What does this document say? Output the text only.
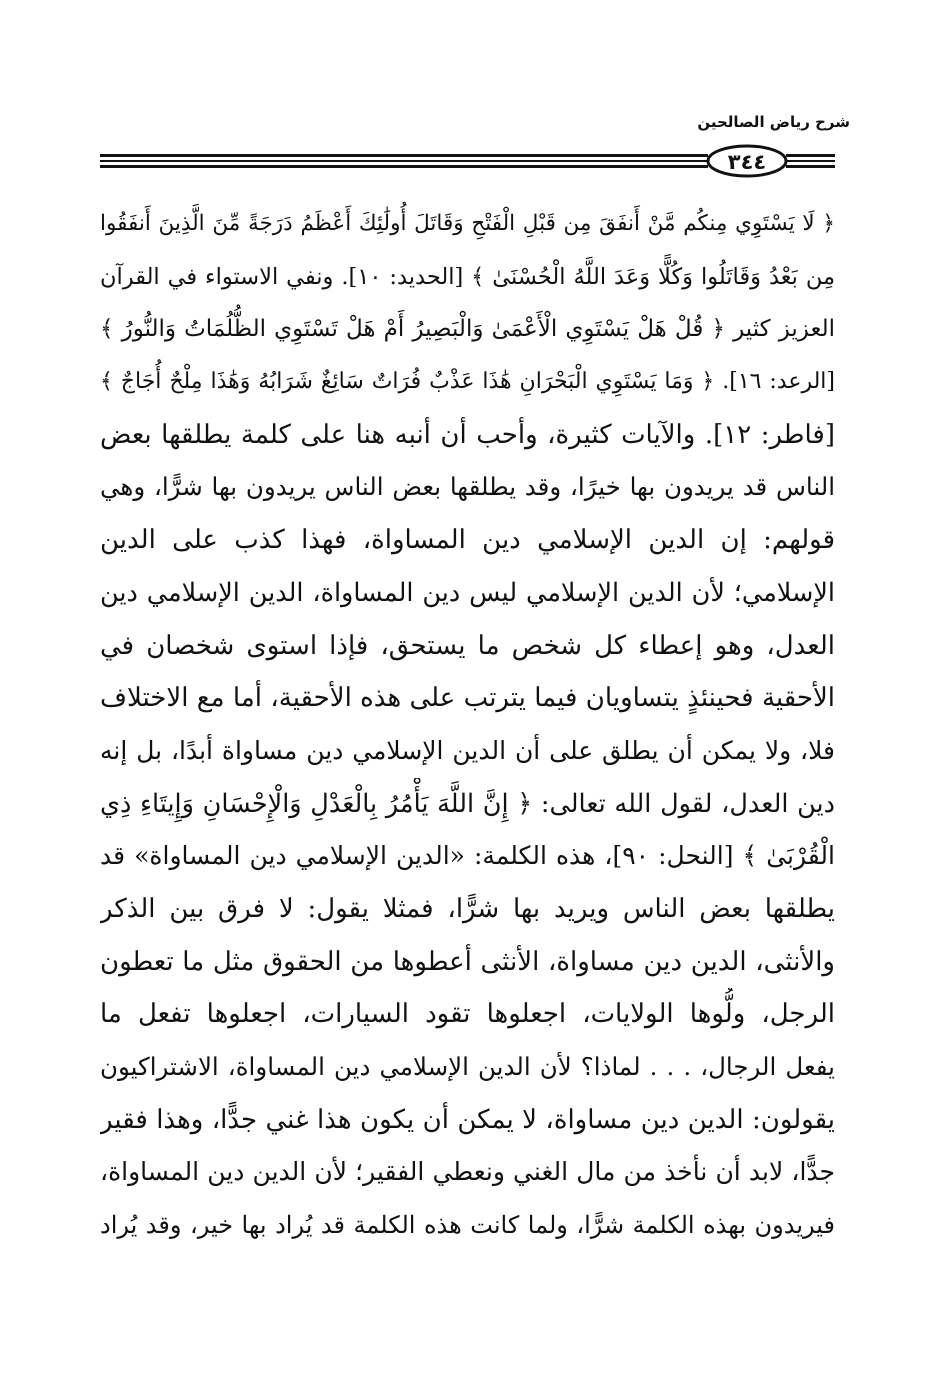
شرح رياض الصالحين
٣٤٤
﴿ لَا يَسْتَوِي مِنكُم مَّنْ أَنفَقَ مِن قَبْلِ الْفَتْحِ وَقَاتَلَ أُولَٰئِكَ أَعْظَمُ دَرَجَةً مِّنَ الَّذِينَ أَنفَقُوا
مِن بَعْدُ وَقَاتَلُوا وَكُلًّا وَعَدَ اللَّهُ الْحُسْنَىٰ ﴾ [الحديد: ١٠]. ونفي الاستواء في القرآن
العزيز كثير ﴿ قُلْ هَلْ يَسْتَوِي الْأَعْمَىٰ وَالْبَصِيرُ أَمْ هَلْ تَسْتَوِي الظُّلُمَاتُ وَالنُّورُ ﴾
[الرعد: ١٦]. ﴿ وَمَا يَسْتَوِي الْبَحْرَانِ هَٰذَا عَذْبٌ فُرَاتٌ سَائِغٌ شَرَابُهُ وَهَٰذَا مِلْحٌ أُجَاجٌ ﴾
[فاطر: ١٢]. والآيات كثيرة، وأحب أن أنبه هنا على كلمة يطلقها بعض
الناس قد يريدون بها خيرًا، وقد يطلقها بعض الناس يريدون بها شرًّا، وهي
قولهم: إن الدين الإسلامي دين المساواة، فهذا كذب على الدين
الإسلامي؛ لأن الدين الإسلامي ليس دين المساواة، الدين الإسلامي دين
العدل، وهو إعطاء كل شخص ما يستحق، فإذا استوى شخصان في
الأحقية فحينئذٍ يتساويان فيما يترتب على هذه الأحقية، أما مع الاختلاف
فلا، ولا يمكن أن يطلق على أن الدين الإسلامي دين مساواة أبدًا، بل إنه
دين العدل، لقول الله تعالى: ﴿ إِنَّ اللَّهَ يَأْمُرُ بِالْعَدْلِ وَالْإِحْسَانِ وَإِيتَاءِ ذِي
الْقُرْبَىٰ ﴾ [النحل: ٩٠]، هذه الكلمة: «الدين الإسلامي دين المساواة» قد
يطلقها بعض الناس ويريد بها شرًّا، فمثلا يقول: لا فرق بين الذكر
والأنثى، الدين دين مساواة، الأنثى أعطوها من الحقوق مثل ما تعطون
الرجل، ولُّوها الولايات، اجعلوها تقود السيارات، اجعلوها تفعل ما
يفعل الرجال، . . . لماذا؟ لأن الدين الإسلامي دين المساواة، الاشتراكيون
يقولون: الدين دين مساواة، لا يمكن أن يكون هذا غني جدًّا، وهذا فقير
جدًّا، لابد أن نأخذ من مال الغني ونعطي الفقير؛ لأن الدين دين المساواة،
فيريدون بهذه الكلمة شرًّا، ولما كانت هذه الكلمة قد يُراد بها خير، وقد يُراد
